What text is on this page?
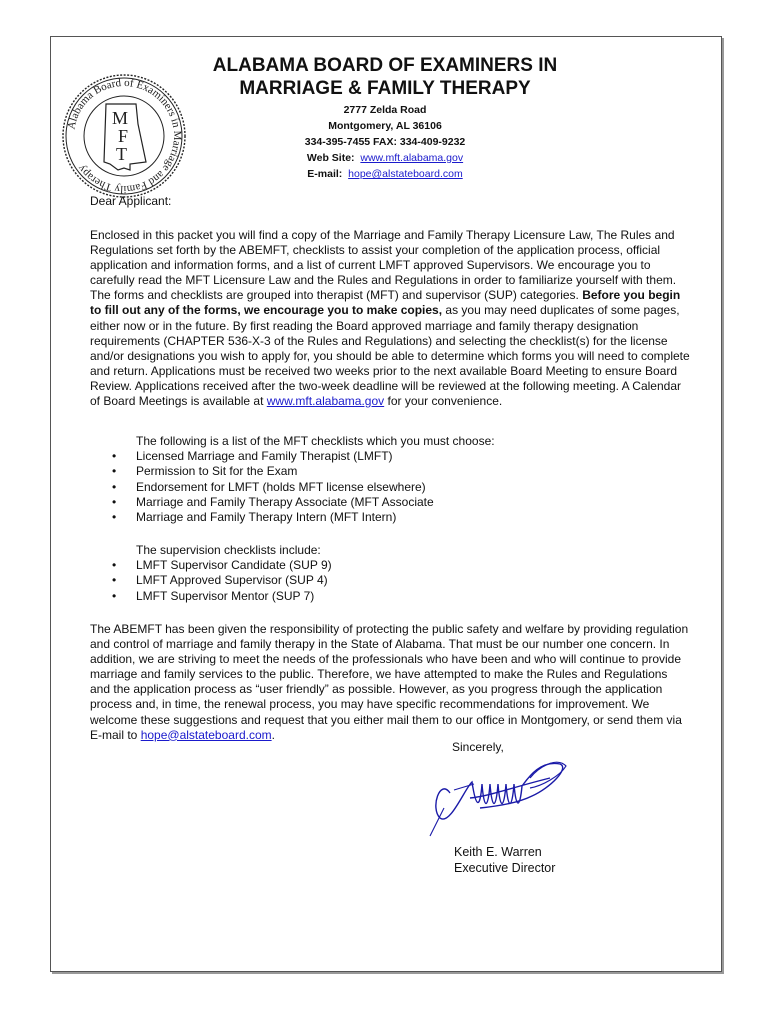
Alabama Board of Examiners in Marriage and Family Therapy
M
F
T
ALABAMA BOARD OF EXAMINERS IN
MARRIAGE & FAMILY THERAPY
2777 Zelda Road
Montgomery, AL 36106
334-395-7455 FAX: 334-409-9232
Web Site: www.mft.alabama.gov
E-mail: hope@alstateboard.com
Dear Applicant:
Enclosed in this packet you will find a copy of the Marriage and Family Therapy Licensure Law, The Rules and Regulations set forth by the ABEMFT, checklists to assist your completion of the application process, official application and information forms, and a list of current LMFT approved Supervisors. We encourage you to carefully read the MFT Licensure Law and the Rules and Regulations in order to familiarize yourself with them. The forms and checklists are grouped into therapist (MFT) and supervisor (SUP) categories. Before you begin to fill out any of the forms, we encourage you to make copies, as you may need duplicates of some pages, either now or in the future. By first reading the Board approved marriage and family therapy designation requirements (CHAPTER 536-X-3 of the Rules and Regulations) and selecting the checklist(s) for the license and/or designations you wish to apply for, you should be able to determine which forms you will need to complete and return. Applications must be received two weeks prior to the next available Board Meeting to ensure Board Review. Applications received after the two-week deadline will be reviewed at the following meeting. A Calendar of Board Meetings is available at www.mft.alabama.gov for your convenience.
The following is a list of the MFT checklists which you must choose:
• Licensed Marriage and Family Therapist (LMFT)
• Permission to Sit for the Exam
• Endorsement for LMFT (holds MFT license elsewhere)
• Marriage and Family Therapy Associate (MFT Associate
• Marriage and Family Therapy Intern (MFT Intern)
The supervision checklists include:
• LMFT Supervisor Candidate (SUP 9)
• LMFT Approved Supervisor (SUP 4)
• LMFT Supervisor Mentor (SUP 7)
The ABEMFT has been given the responsibility of protecting the public safety and welfare by providing regulation and control of marriage and family therapy in the State of Alabama. That must be our number one concern. In addition, we are striving to meet the needs of the professionals who have been and who will continue to provide marriage and family services to the public. Therefore, we have attempted to make the Rules and Regulations and the application process as “user friendly” as possible. However, as you progress through the application process and, in time, the renewal process, you may have specific recommendations for improvement. We welcome these suggestions and request that you either mail them to our office in Montgomery, or send them via E-mail to hope@alstateboard.com.
Sincerely,
Keith E. Warren
Executive Director
